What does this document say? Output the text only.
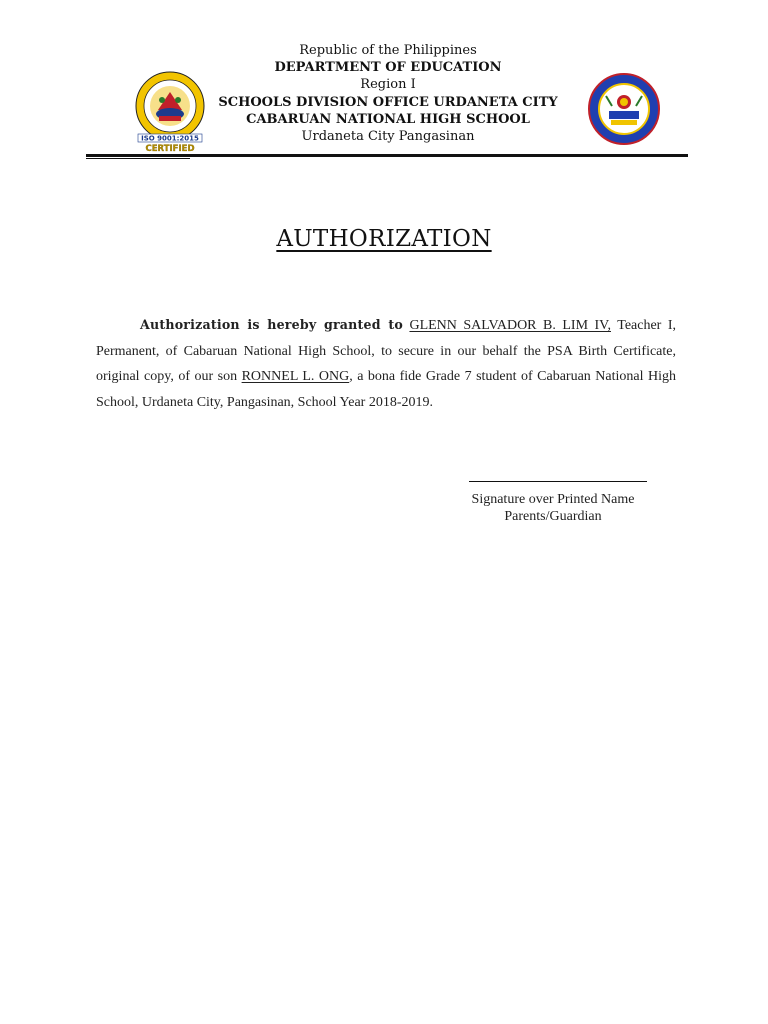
ISO 9001:2015
CERTIFIED
Republic of the Philippines
DEPARTMENT OF EDUCATION
Region I
SCHOOLS DIVISION OFFICE URDANETA CITY
CABARUAN NATIONAL HIGH SCHOOL
Urdaneta City Pangasinan
AUTHORIZATION
Authorization is hereby granted to GLENN SALVADOR B. LIM IV, Teacher I, Permanent, of Cabaruan National High School, to secure in our behalf the PSA Birth Certificate, original copy, of our son RONNEL L. ONG, a bona fide Grade 7 student of Cabaruan National High School, Urdaneta City, Pangasinan, School Year 2018-2019.
Signature over Printed Name
Parents/Guardian
